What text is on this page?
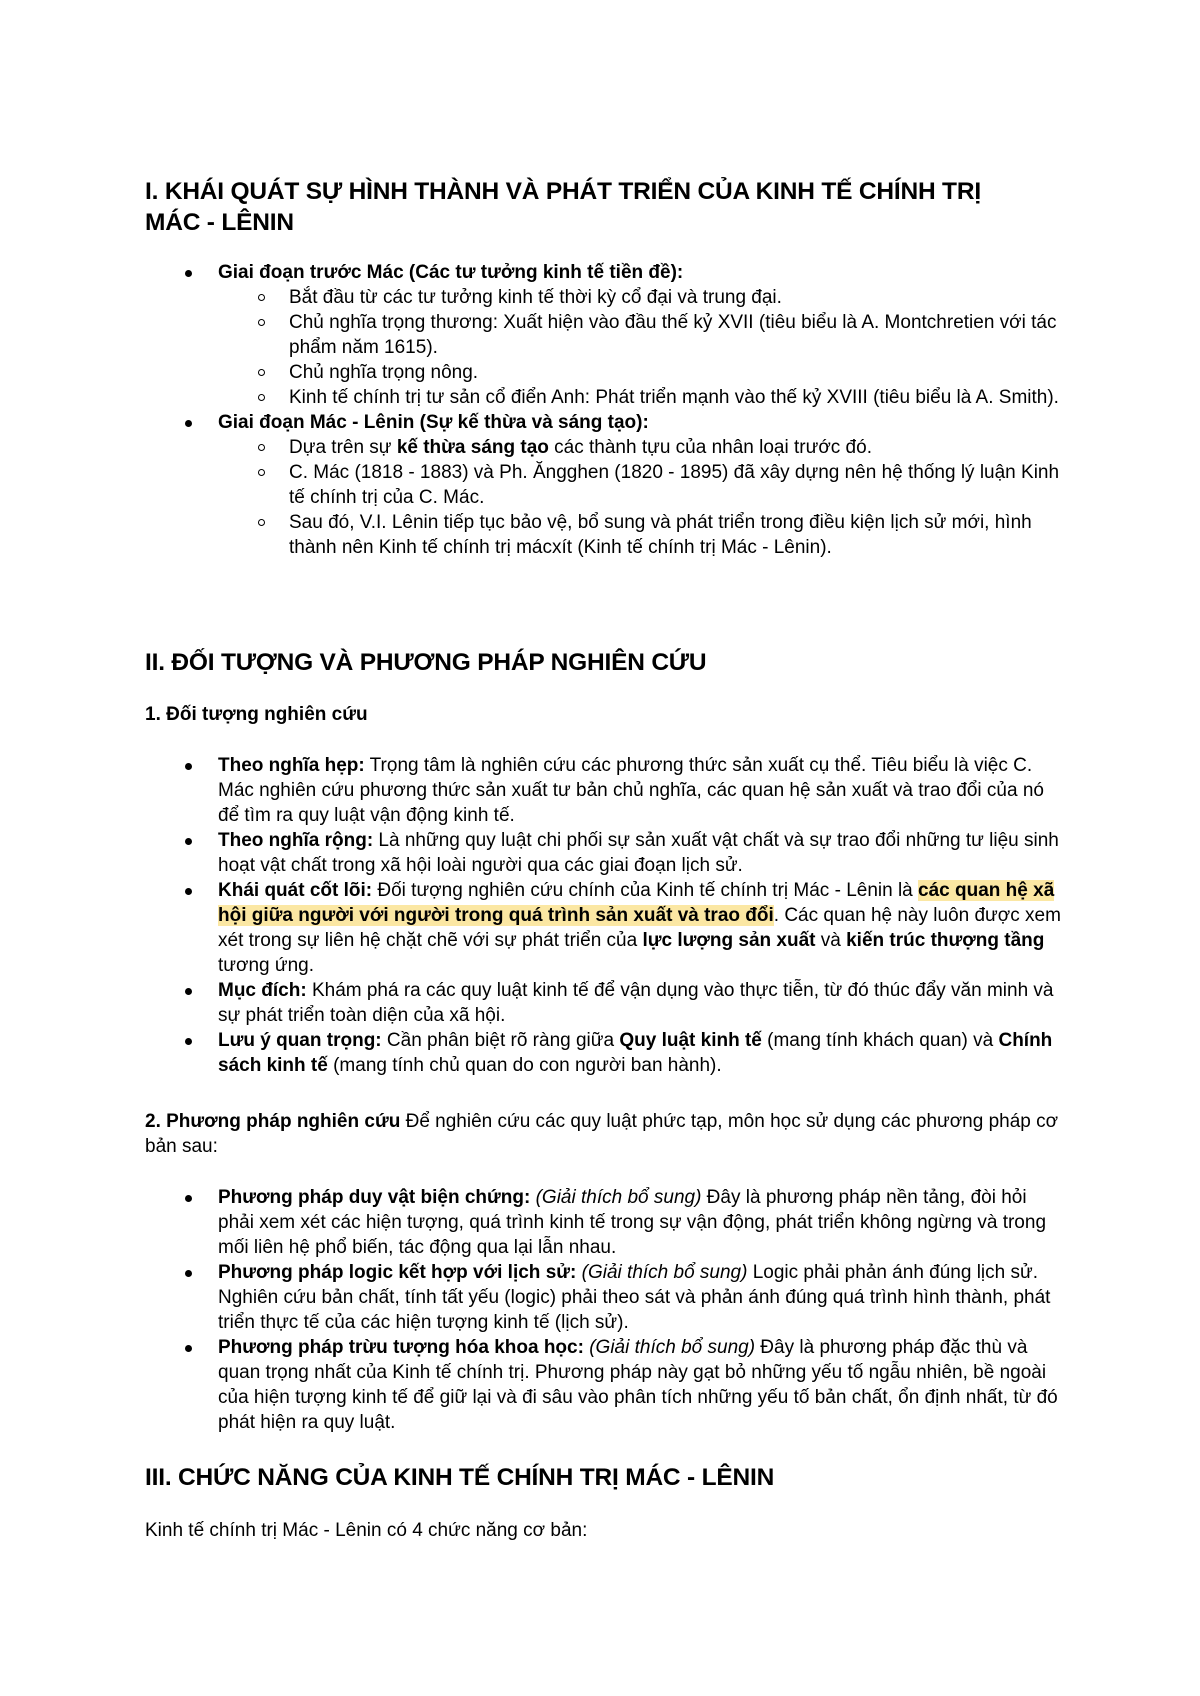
I. KHÁI QUÁT SỰ HÌNH THÀNH VÀ PHÁT TRIỂN CỦA KINH TẾ CHÍNH TRỊ
MÁC - LÊNIN
Giai đoạn trước Mác (Các tư tưởng kinh tế tiền đề):
Bắt đầu từ các tư tưởng kinh tế thời kỳ cổ đại và trung đại.
Chủ nghĩa trọng thương: Xuất hiện vào đầu thế kỷ XVII (tiêu biểu là A. Montchretien với tác phẩm năm 1615).
Chủ nghĩa trọng nông.
Kinh tế chính trị tư sản cổ điển Anh: Phát triển mạnh vào thế kỷ XVIII (tiêu biểu là A. Smith).
Giai đoạn Mác - Lênin (Sự kế thừa và sáng tạo):
Dựa trên sự kế thừa sáng tạo các thành tựu của nhân loại trước đó.
C. Mác (1818 - 1883) và Ph. Ăngghen (1820 - 1895) đã xây dựng nên hệ thống lý luận Kinh tế chính trị của C. Mác.
Sau đó, V.I. Lênin tiếp tục bảo vệ, bổ sung và phát triển trong điều kiện lịch sử mới, hình thành nên Kinh tế chính trị mácxít (Kinh tế chính trị Mác - Lênin).
II. ĐỐI TƯỢNG VÀ PHƯƠNG PHÁP NGHIÊN CỨU
1. Đối tượng nghiên cứu
Theo nghĩa hẹp: Trọng tâm là nghiên cứu các phương thức sản xuất cụ thể. Tiêu biểu là việc C. Mác nghiên cứu phương thức sản xuất tư bản chủ nghĩa, các quan hệ sản xuất và trao đổi của nó để tìm ra quy luật vận động kinh tế.
Theo nghĩa rộng: Là những quy luật chi phối sự sản xuất vật chất và sự trao đổi những tư liệu sinh hoạt vật chất trong xã hội loài người qua các giai đoạn lịch sử.
Khái quát cốt lõi: Đối tượng nghiên cứu chính của Kinh tế chính trị Mác - Lênin là các quan hệ xã hội giữa người với người trong quá trình sản xuất và trao đổi. Các quan hệ này luôn được xem xét trong sự liên hệ chặt chẽ với sự phát triển của lực lượng sản xuất và kiến trúc thượng tầng tương ứng.
Mục đích: Khám phá ra các quy luật kinh tế để vận dụng vào thực tiễn, từ đó thúc đẩy văn minh và sự phát triển toàn diện của xã hội.
Lưu ý quan trọng: Cần phân biệt rõ ràng giữa Quy luật kinh tế (mang tính khách quan) và Chính sách kinh tế (mang tính chủ quan do con người ban hành).

2. Phương pháp nghiên cứu Để nghiên cứu các quy luật phức tạp, môn học sử dụng các phương pháp cơ bản sau:

Phương pháp duy vật biện chứng: (Giải thích bổ sung) Đây là phương pháp nền tảng, đòi hỏi phải xem xét các hiện tượng, quá trình kinh tế trong sự vận động, phát triển không ngừng và trong mối liên hệ phổ biến, tác động qua lại lẫn nhau.
Phương pháp logic kết hợp với lịch sử: (Giải thích bổ sung) Logic phải phản ánh đúng lịch sử. Nghiên cứu bản chất, tính tất yếu (logic) phải theo sát và phản ánh đúng quá trình hình thành, phát triển thực tế của các hiện tượng kinh tế (lịch sử).
Phương pháp trừu tượng hóa khoa học: (Giải thích bổ sung) Đây là phương pháp đặc thù và quan trọng nhất của Kinh tế chính trị. Phương pháp này gạt bỏ những yếu tố ngẫu nhiên, bề ngoài của hiện tượng kinh tế để giữ lại và đi sâu vào phân tích những yếu tố bản chất, ổn định nhất, từ đó phát hiện ra quy luật.
III. CHỨC NĂNG CỦA KINH TẾ CHÍNH TRỊ MÁC - LÊNIN

Kinh tế chính trị Mác - Lênin có 4 chức năng cơ bản:
